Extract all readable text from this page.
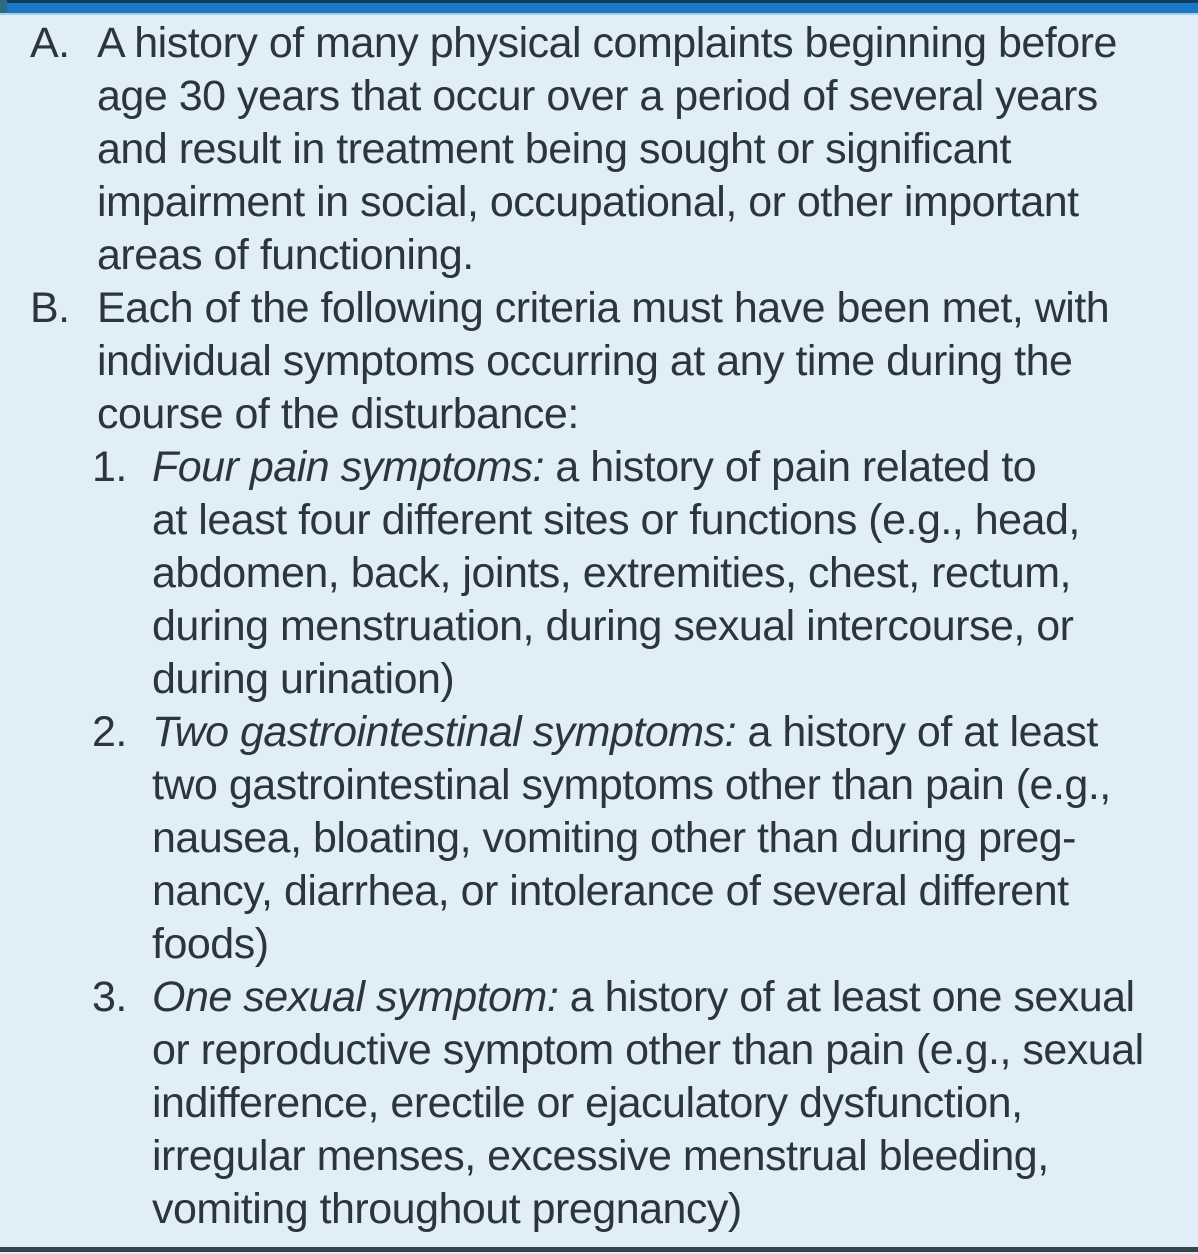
A. A history of many physical complaints beginning before
age 30 years that occur over a period of several years
and result in treatment being sought or significant
impairment in social, occupational, or other important
areas of functioning.
B. Each of the following criteria must have been met, with
individual symptoms occurring at any time during the
course of the disturbance:
1. Four pain symptoms: a history of pain related to
at least four different sites or functions (e.g., head,
abdomen, back, joints, extremities, chest, rectum,
during menstruation, during sexual intercourse, or
during urination)
2. Two gastrointestinal symptoms: a history of at least
two gastrointestinal symptoms other than pain (e.g.,
nausea, bloating, vomiting other than during preg-
nancy, diarrhea, or intolerance of several different
foods)
3. One sexual symptom: a history of at least one sexual
or reproductive symptom other than pain (e.g., sexual
indifference, erectile or ejaculatory dysfunction,
irregular menses, excessive menstrual bleeding,
vomiting throughout pregnancy)
